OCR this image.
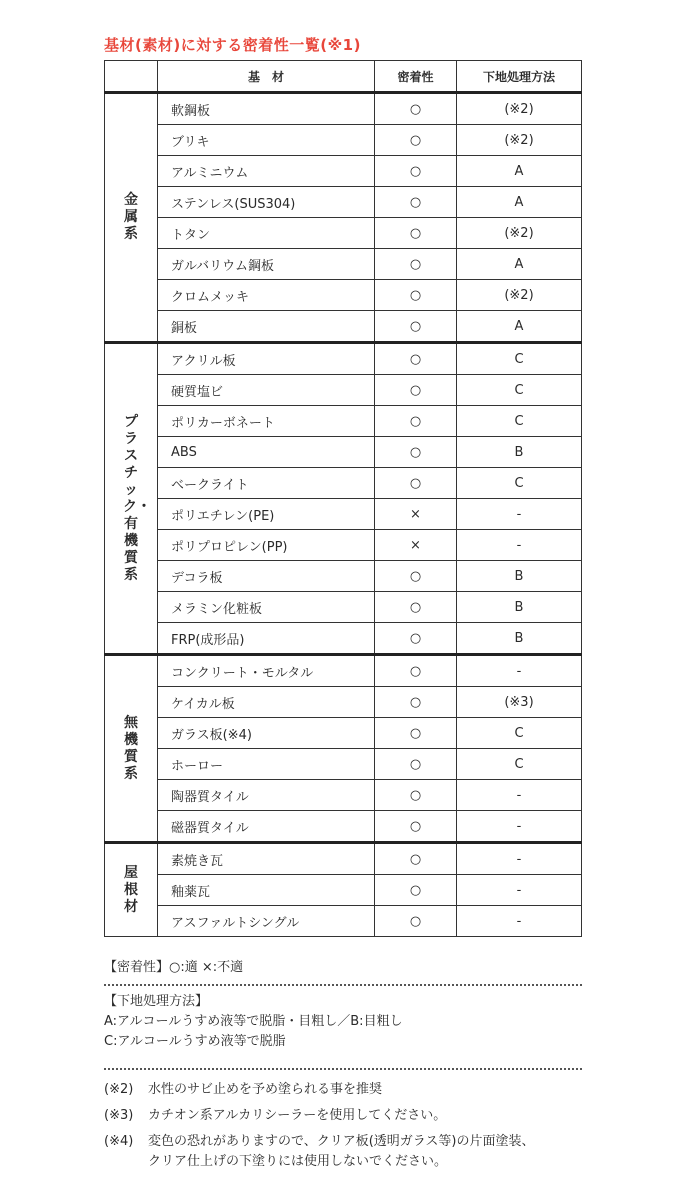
基材(素材)に対する密着性一覧(※1)
	基　材	密着性	下地処理方法
金属系	軟鋼板	○	(※2)
	ブリキ	○	(※2)
	アルミニウム	○	A
	ステンレス(SUS304)	○	A
	トタン	○	(※2)
	ガルバリウム鋼板	○	A
	クロムメッキ	○	(※2)
	銅板	○	A
プラスチック・有機質系	アクリル板	○	C
	硬質塩ビ	○	C
	ポリカーボネート	○	C
	ABS	○	B
	ベークライト	○	C
	ポリエチレン(PE)	×	-
	ポリプロピレン(PP)	×	-
	デコラ板	○	B
	メラミン化粧板	○	B
	FRP(成形品)	○	B
無機質系	コンクリート・モルタル	○	-
	ケイカル板	○	(※3)
	ガラス板(※4)	○	C
	ホーロー	○	C
	陶器質タイル	○	-
	磁器質タイル	○	-
屋根材	素焼き瓦	○	-
	釉薬瓦	○	-
	アスファルトシングル	○	-
【密着性】○:適 ×:不適
【下地処理方法】
A:アルコールうすめ液等で脱脂・目粗し／B:目粗し
C:アルコールうすめ液等で脱脂
(※2) 水性のサビ止めを予め塗られる事を推奨
(※3) カチオン系アルカリシーラーを使用してください。
(※4) 変色の恐れがありますので、クリア板(透明ガラス等)の片面塗装、
クリア仕上げの下塗りには使用しないでください。
